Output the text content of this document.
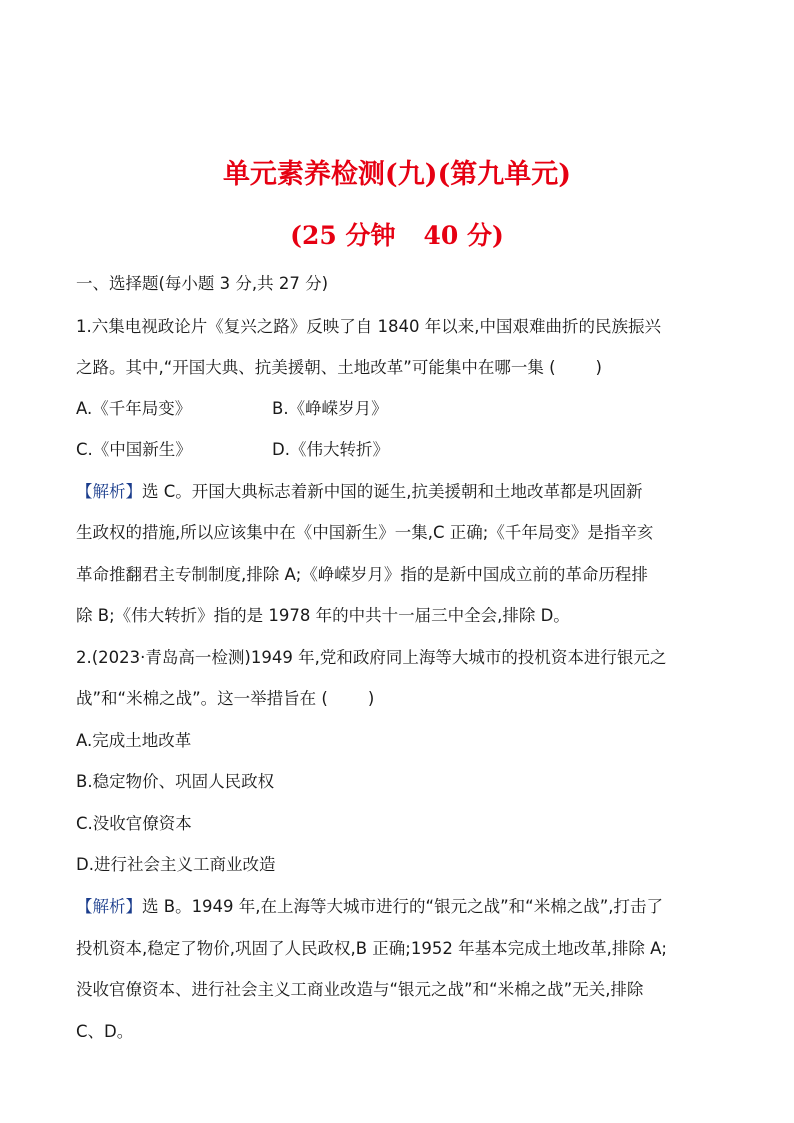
单元素养检测(九)(第九单元)
(25 分钟 40 分)
一、选择题(每小题 3 分,共 27 分)
1.六集电视政论片《复兴之路》反映了自 1840 年以来,中国艰难曲折的民族振兴
之路。其中,“开国大典、抗美援朝、土地改革”可能集中在哪一集 ( )
A.《千年局变》	B.《峥嵘岁月》
C.《中国新生》	D.《伟大转折》
【解析】选 C。开国大典标志着新中国的诞生,抗美援朝和土地改革都是巩固新
生政权的措施,所以应该集中在《中国新生》一集,C 正确;《千年局变》是指辛亥
革命推翻君主专制制度,排除 A;《峥嵘岁月》指的是新中国成立前的革命历程排
除 B;《伟大转折》指的是 1978 年的中共十一届三中全会,排除 D。
2.(2023·青岛高一检测)1949 年,党和政府同上海等大城市的投机资本进行银元之
战”和“米棉之战”。这一举措旨在 ( )
A.完成土地改革
B.稳定物价、巩固人民政权
C.没收官僚资本
D.进行社会主义工商业改造
【解析】选 B。1949 年,在上海等大城市进行的“银元之战”和“米棉之战”,打击了
投机资本,稳定了物价,巩固了人民政权,B 正确;1952 年基本完成土地改革,排除 A;
没收官僚资本、进行社会主义工商业改造与“银元之战”和“米棉之战”无关,排除
C、D。
